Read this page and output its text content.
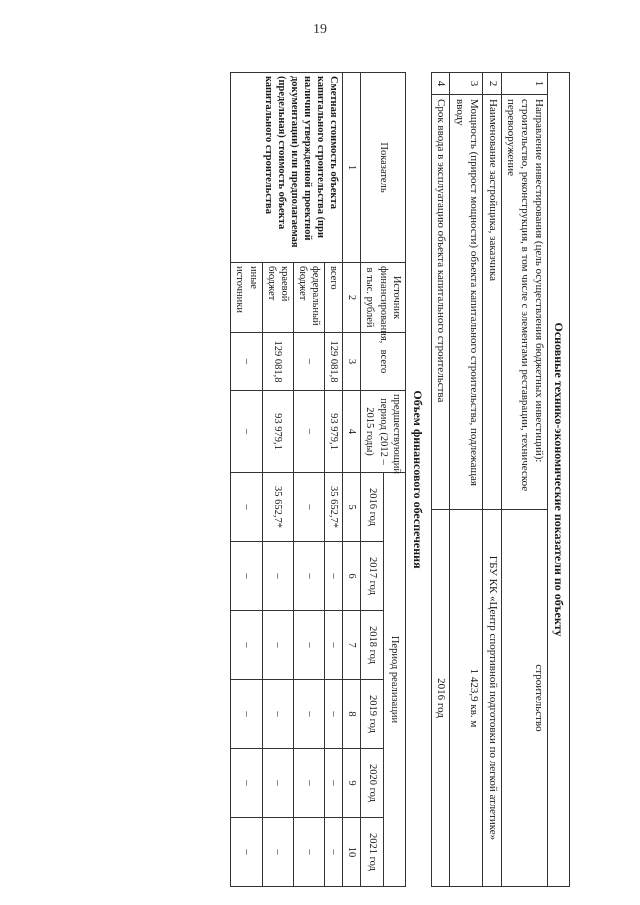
19
Основные технико-экономические показатели по объекту		
1	Направление инвестирования (цель осуществления бюджетных инвестиций): строительство, реконструкция, в том числе с элементами реставрации, техническое перевооружение	строительство
2	Наименование застройщика, заказчика	ГБУ КК «Центр спортивной подготовки по легкой атлетике»
3	Мощность (прирост мощности) объекта капитального строительства, подлежащая вводу	1 423,9 кв. м
4	Срок ввода в эксплуатацию объекта капитального строительства	2016 год
Объем финансового обеспечения
Показатель	Источник финансирования, в тыс. рублей	всего	предшествующий период (2012 – 2015 годы)	Период реализации					
				2016 год	2017 год	2018 год	2019 год	2020 год	2021 год
1	2	3	4	5	6	7	8	9	10
Сметная стоимость объекта капитального строительства (при наличии утвержденной проектной документации) или предполагаемая (предельная) стоимость объекта капитального строительства	всего	129 081,8	93 979,1	35 652,7*	–	–	–	–	–
	федеральный бюджет	–	–	–	–	–	–	–	–
	краевой бюджет	129 081,8	93 979,1	35 652,7*	–	–	–	–	–
	иные источники	–	–	–	–	–	–	–	–
